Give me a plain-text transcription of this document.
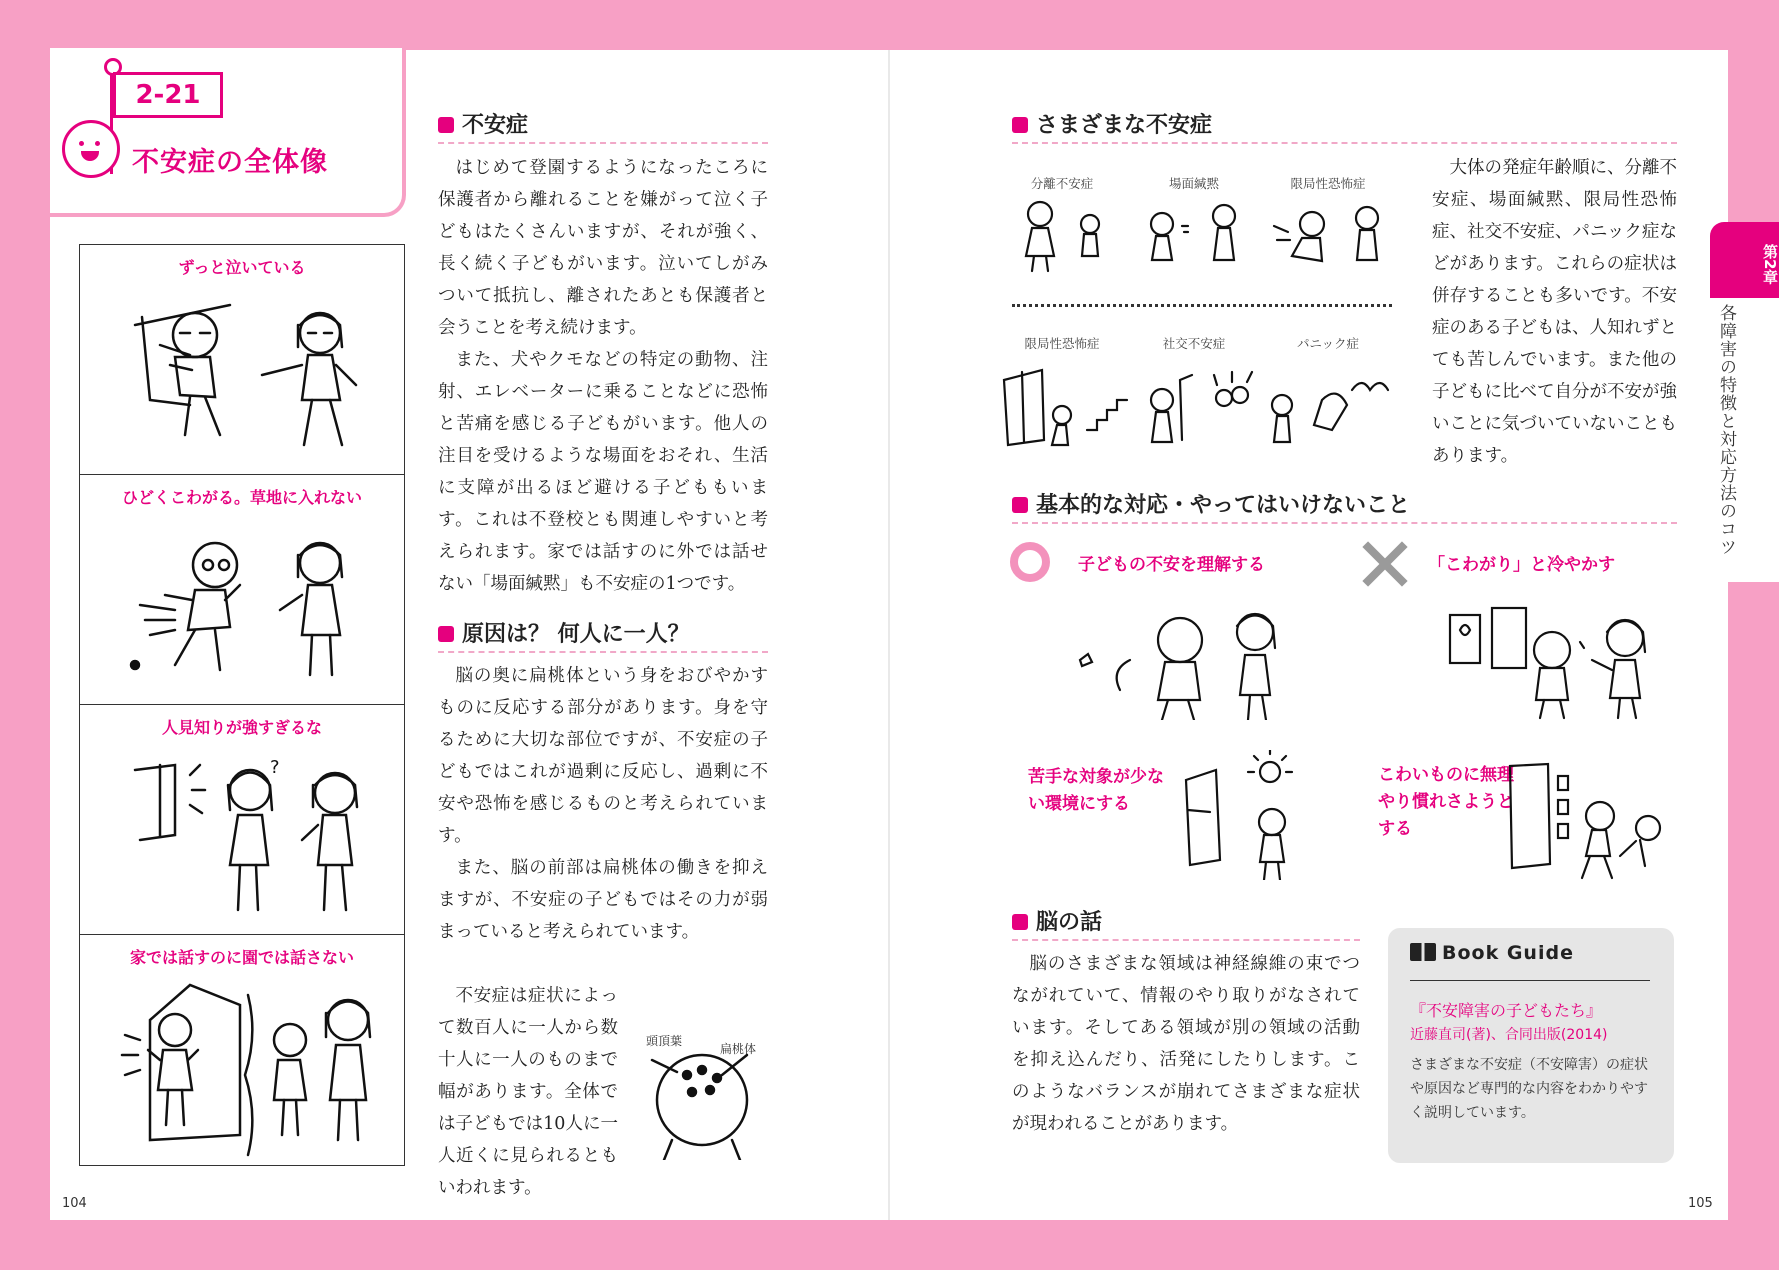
2-21
不安症の全体像
ずっと泣いている
ひどくこわがる。草地に入れない
人見知りが強すぎるな
?
家では話すのに園では話さない
不安症

はじめて登園するようになったころに保護者から離れることを嫌がって泣く子どもはたくさんいますが、それが強く、長く続く子どもがいます。泣いてしがみついて抵抗し、離されたあとも保護者と会うことを考え続けます。

また、犬やクモなどの特定の動物、注射、エレベーターに乗ることなどに恐怖と苦痛を感じる子どもがいます。他人の注目を受けるような場面をおそれ、生活に支障が出るほど避ける子どももいます。これは不登校とも関連しやすいと考えられます。家では話すのに外では話せない「場面緘黙」も不安症の1つです。

原因は？ 何人に一人？

脳の奥に扁桃体という身をおびやかすものに反応する部分があります。身を守るために大切な部位ですが、不安症の子どもではこれが過剰に反応し、過剰に不安や恐怖を感じるものと考えられています。

また、脳の前部は扁桃体の働きを抑えますが、不安症の子どもではその力が弱まっていると考えられています。

不安症は症状によって数百人に一人から数十人に一人のものまで幅があります。全体では子どもでは10人に一人近くに見られるともいわれます。

頭頂葉
扁桃体
さまざまな不安症
分離不安症	場面緘黙	限局性恐怖症
限局性恐怖症	社交不安症	パニック症

大体の発症年齢順に、分離不安症、場面緘黙、限局性恐怖症、社交不安症、パニック症などがあります。これらの症状は併存することも多いです。不安症のある子どもは、人知れずとても苦しんでいます。また他の子どもに比べて自分が不安が強いことに気づいていないこともあります。

基本的な対応・やってはいけないこと
子どもの不安を理解する	「こわがり」と冷やかす
苦手な対象が少ない環境にする
こわいものに無理やり慣れさようとする
脳の話

脳のさまざまな領域は神経線維の束でつながれていて、情報のやり取りがなされています。そしてある領域が別の領域の活動を抑え込んだり、活発にしたりします。このようなバランスが崩れてさまざまな症状が現われることがあります。

Book Guide
『不安障害の子どもたち』
近藤直司(著)、合同出版(2014)
さまざまな不安症（不安障害）の症状や原因など専門的な内容をわかりやすく説明しています。
第2章
各障害の特徴と対応方法のコツ
104	105
